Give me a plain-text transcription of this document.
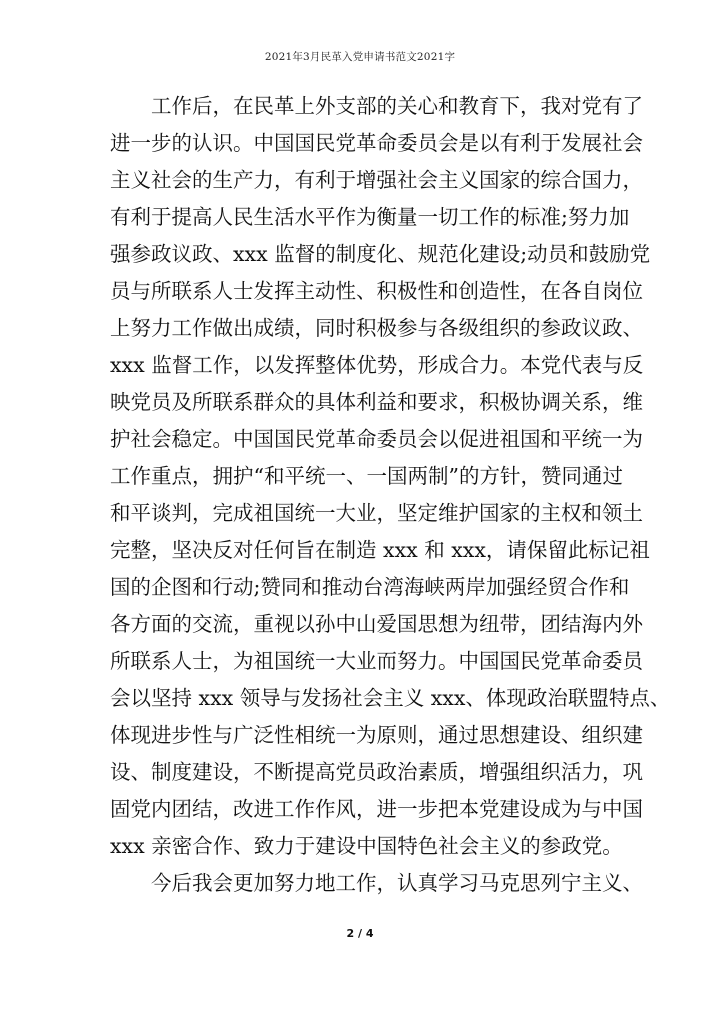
2021年3月民革入党申请书范文2021字
工作后，在民革上外支部的关心和教育下，我对党有了
进一步的认识。中国国民党革命委员会是以有利于发展社会
主义社会的生产力，有利于增强社会主义国家的综合国力，
有利于提高人民生活水平作为衡量一切工作的标准;努力加
强参政议政、xxx 监督的制度化、规范化建设;动员和鼓励党
员与所联系人士发挥主动性、积极性和创造性，在各自岗位
上努力工作做出成绩，同时积极参与各级组织的参政议政、
xxx 监督工作，以发挥整体优势，形成合力。本党代表与反
映党员及所联系群众的具体利益和要求，积极协调关系，维
护社会稳定。中国国民党革命委员会以促进祖国和平统一为
工作重点，拥护“和平统一、一国两制”的方针，赞同通过
和平谈判，完成祖国统一大业，坚定维护国家的主权和领土
完整，坚决反对任何旨在制造 xxx 和 xxx，请保留此标记祖
国的企图和行动;赞同和推动台湾海峡两岸加强经贸合作和
各方面的交流，重视以孙中山爱国思想为纽带，团结海内外
所联系人士，为祖国统一大业而努力。中国国民党革命委员
会以坚持 xxx 领导与发扬社会主义 xxx、体现政治联盟特点、
体现进步性与广泛性相统一为原则，通过思想建设、组织建
设、制度建设，不断提高党员政治素质，增强组织活力，巩
固党内团结，改进工作作风，进一步把本党建设成为与中国
xxx 亲密合作、致力于建设中国特色社会主义的参政党。
今后我会更加努力地工作，认真学习马克思列宁主义、
2 / 4
